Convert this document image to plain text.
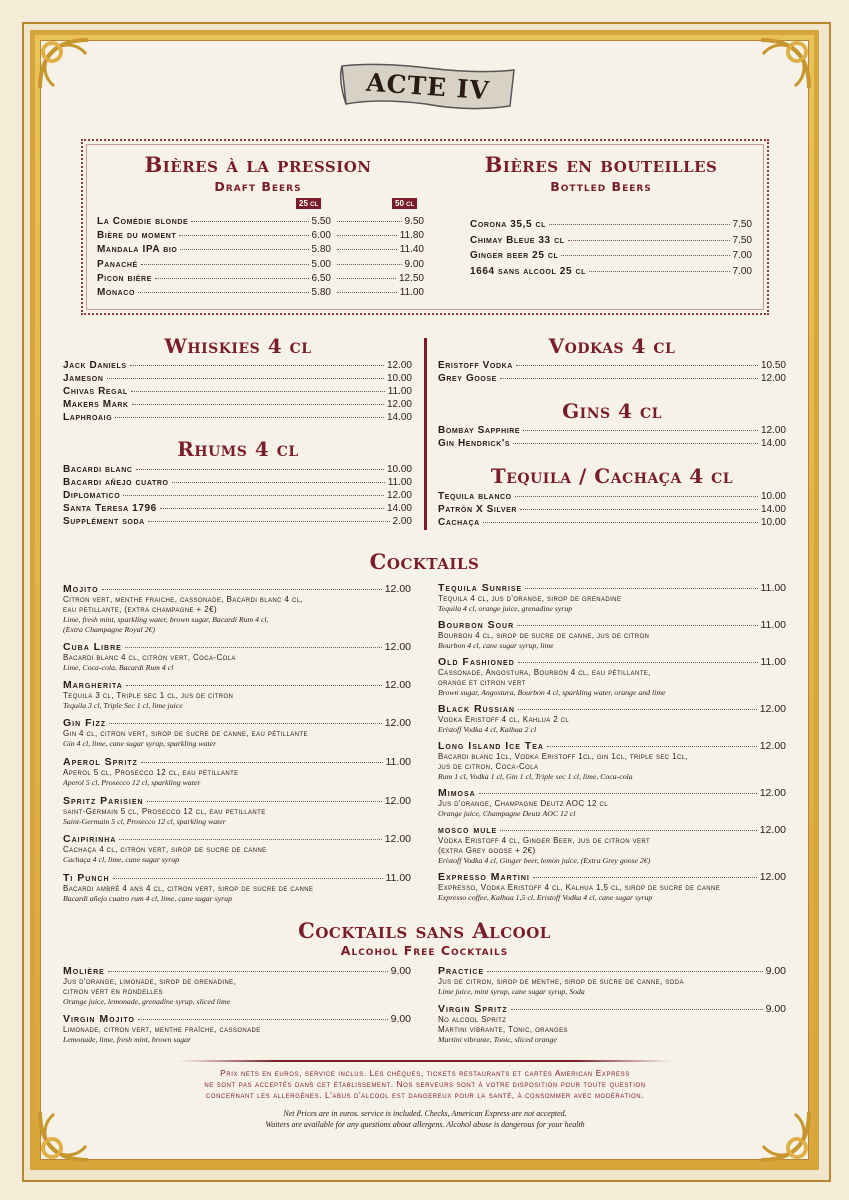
ACTE IV
Bières à la pression
Draft Beers
25 cl	50 cl
La Comédie blonde	5.50	9.50
Bière du moment	6.00	11.80
Mandala IPA bio	5.80	11.40
Panaché	5.00	9.00
Picon bière	6.50	12.50
Monaco	5.80	11.00
Bières en bouteilles
Bottled Beers
Corona 35,5 cl	7.50
Chimay Bleue 33 cl	7.50
Ginger beer 25 cl	7.00
1664 sans alcool 25 cl	7.00
Whiskies 4 cl
Jack Daniels	12.00
Jameson	10.00
Chivas Regal	11.00
Makers Mark	12.00
Laphroaig	14.00
Rhums 4 cl
Bacardi blanc	10.00
Bacardi añejo cuatro	11.00
Diplomatico	12.00
Santa Teresa 1796	14.00
Supplément soda	2.00
Vodkas 4 cl
Eristoff Vodka	10.50
Grey Goose	12.00
Gins 4 cl
Bombay Sapphire	12.00
Gin Hendrick's	14.00
Tequila / Cachaça 4 cl
Tequila blanco	10.00
Patrón X Silver	14.00
Cachaça	10.00
Cocktails
Mojito	12.00
Citron vert, menthe fraiche, cassonade, Bacardi blanc 4 cl,
eau petillante, (extra champagne + 2€)
Lime, fresh mint, sparkling water, brown sugar, Bacardi Rum 4 cl,
(Extra Champagne Royal 2€)
Cuba Libre	12.00
Bacardi blanc 4 cl, citron vert, Coca-Cola
Lime, Coca-cola, Bacardi Rum 4 cl
Margherita	12.00
Tequila 3 cl, Triple sec 1 cl, jus de citron
Tequila 3 cl, Triple Sec 1 cl, lime juice
Gin Fizz	12.00
Gin 4 cl, citron vert, sirop de sucre de canne, eau pétillante
Gin 4 cl, lime, cane sugar syrup, sparkling water
Aperol Spritz	11.00
Aperol 5 cl, Prosecco 12 cl, eau pétillante
Aperol 5 cl, Prosecco 12 cl, sparkling water
Spritz Parisien	12.00
saint-Germain 5 cl, Prosecco 12 cl, eau petillante
Saint-Germain 5 cl, Prosecco 12 cl, sparkling water
Caipirinha	12.00
Cachaça 4 cl, citron vert, sirop de sucre de canne
Cachaça 4 cl, lime, cane sugar syrup
Ti Punch	11.00
Bacardi ambré 4 ans 4 cl, citron vert, sirop de sucre de canne
Bacardi añejo cuatro rum 4 cl, lime, cane sugar syrup
Tequila Sunrise	11.00
Tequila 4 cl, jus d'orange, sirop de grenadine
Tequila 4 cl, orange juice, grenadine syrup
Bourbon Sour	11.00
Bourbon 4 cl, sirop de sucre de canne, jus de citron
Bourbon 4 cl, cane sugar syrup, lime
Old Fashioned	11.00
Cassonade, Angostura, Bourbon 4 cl, eau pétillante,
orange et citron vert
Brown sugar, Angostura, Bourbon 4 cl, sparkling water, orange and lime
Black Russian	12.00
Vodka Eristoff 4 cl, Kahlua 2 cl
Eristoff Vodka 4 cl, Kalhua 2 cl
Long Island Ice Tea	12.00
Bacardi blanc 1cl, Vodka Eristoff 1cl, gin 1cl, triple sec 1cl,
jus de citron, Coca-Cola
Rum 1 cl, Vodka 1 cl, Gin 1 cl, Triple sec 1 cl, lime, Coca-cola
Mimosa	12.00
Jus d'orange, Champagne Deutz AOC 12 cl
Orange juice, Champagne Deutz AOC 12 cl
mosco mule	12.00
Vodka Eristoff 4 cl, Ginger Beer, jus de citron vert
(extra Grey goose + 2€)
Eristoff Vodka 4 cl, Ginger beer, lemon juice, (Extra Grey goose 2€)
Expresso Martini	12.00
Expresso, Vodka Eristoff 4 cl, Kalhua 1,5 cl, sirop de sucre de canne
Expresso coffee, Kalhua 1,5 cl, Eristoff Vodka 4 cl, cane sugar syrup
Cocktails sans Alcool
Alcohol Free Cocktails
Molière	9.00
Jus d'orange, limonade, sirop de grenadine,
citron vert en rondelles
Orange juice, lemonade, grenadine syrup, sliced lime
Virgin Mojito	9.00
Limonade, citron vert, menthe fraîche, cassonade
Lemonade, lime, fresh mint, brown sugar
Practice	9.00
Jus de citron, sirop de menthe, sirop de sucre de canne, soda
Lime juice, mint syrup, cane sugar syrup, Soda
Virgin Spritz	9.00
No alcool Spritz
Martini vibrante, Tonic, oranges
Martini vibrante, Tonic, sliced orange
Prix nets en euros, service inclus. Les chèques, tickets restaurants et cartes American Express
ne sont pas acceptés dans cet établissement. Nos serveurs sont à votre disposition pour toute question
concernant les allergènes. L'abus d'alcool est dangereux pour la santé, à consommer avec modération.
Net Prices are in euros. service is included. Checks, American Express are not accepted.
Waiters are available for any questions about allergens. Alcohol abuse is dangerous for your health
